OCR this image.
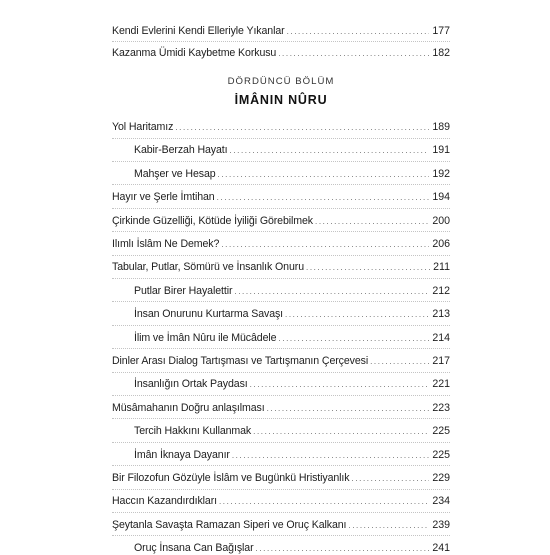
Kendi Evlerini Kendi Elleriyle Yıkanlar .....	177
Kazanma Ümidi Kaybetme Korkusu .....	182
DÖRDÜNCÜ BÖLÜM
İMÂNIN NÛRU
Yol Haritamız .....	189
Kabir-Berzah Hayatı .....	191
Mahşer ve Hesap .....	192
Hayır ve Şerle İmtihan .....	194
Çirkinde Güzelliği, Kötüde İyiliği Görebilmek .....	200
Ilımlı İslâm Ne Demek? .....	206
Tabular, Putlar, Sömürü ve İnsanlık Onuru .....	211
Putlar Birer Hayalettir .....	212
İnsan Onurunu Kurtarma Savaşı .....	213
İlim ve İmân Nûru ile Mücâdele .....	214
Dinler Arası Dialog Tartışması ve Tartışmanın Çerçevesi .....	217
İnsanlığın Ortak Paydası .....	221
Müsâmahanın Doğru anlaşılması .....	223
Tercih Hakkını Kullanmak .....	225
İmân İknaya Dayanır .....	225
Bir Filozofun Gözüyle İslâm ve Bugünkü Hristiyanlık .....	229
Haccın Kazandırdıkları .....	234
Şeytanla Savaşta Ramazan Siperi ve Oruç Kalkanı .....	239
Oruç İnsana Can Bağışlar .....	241
